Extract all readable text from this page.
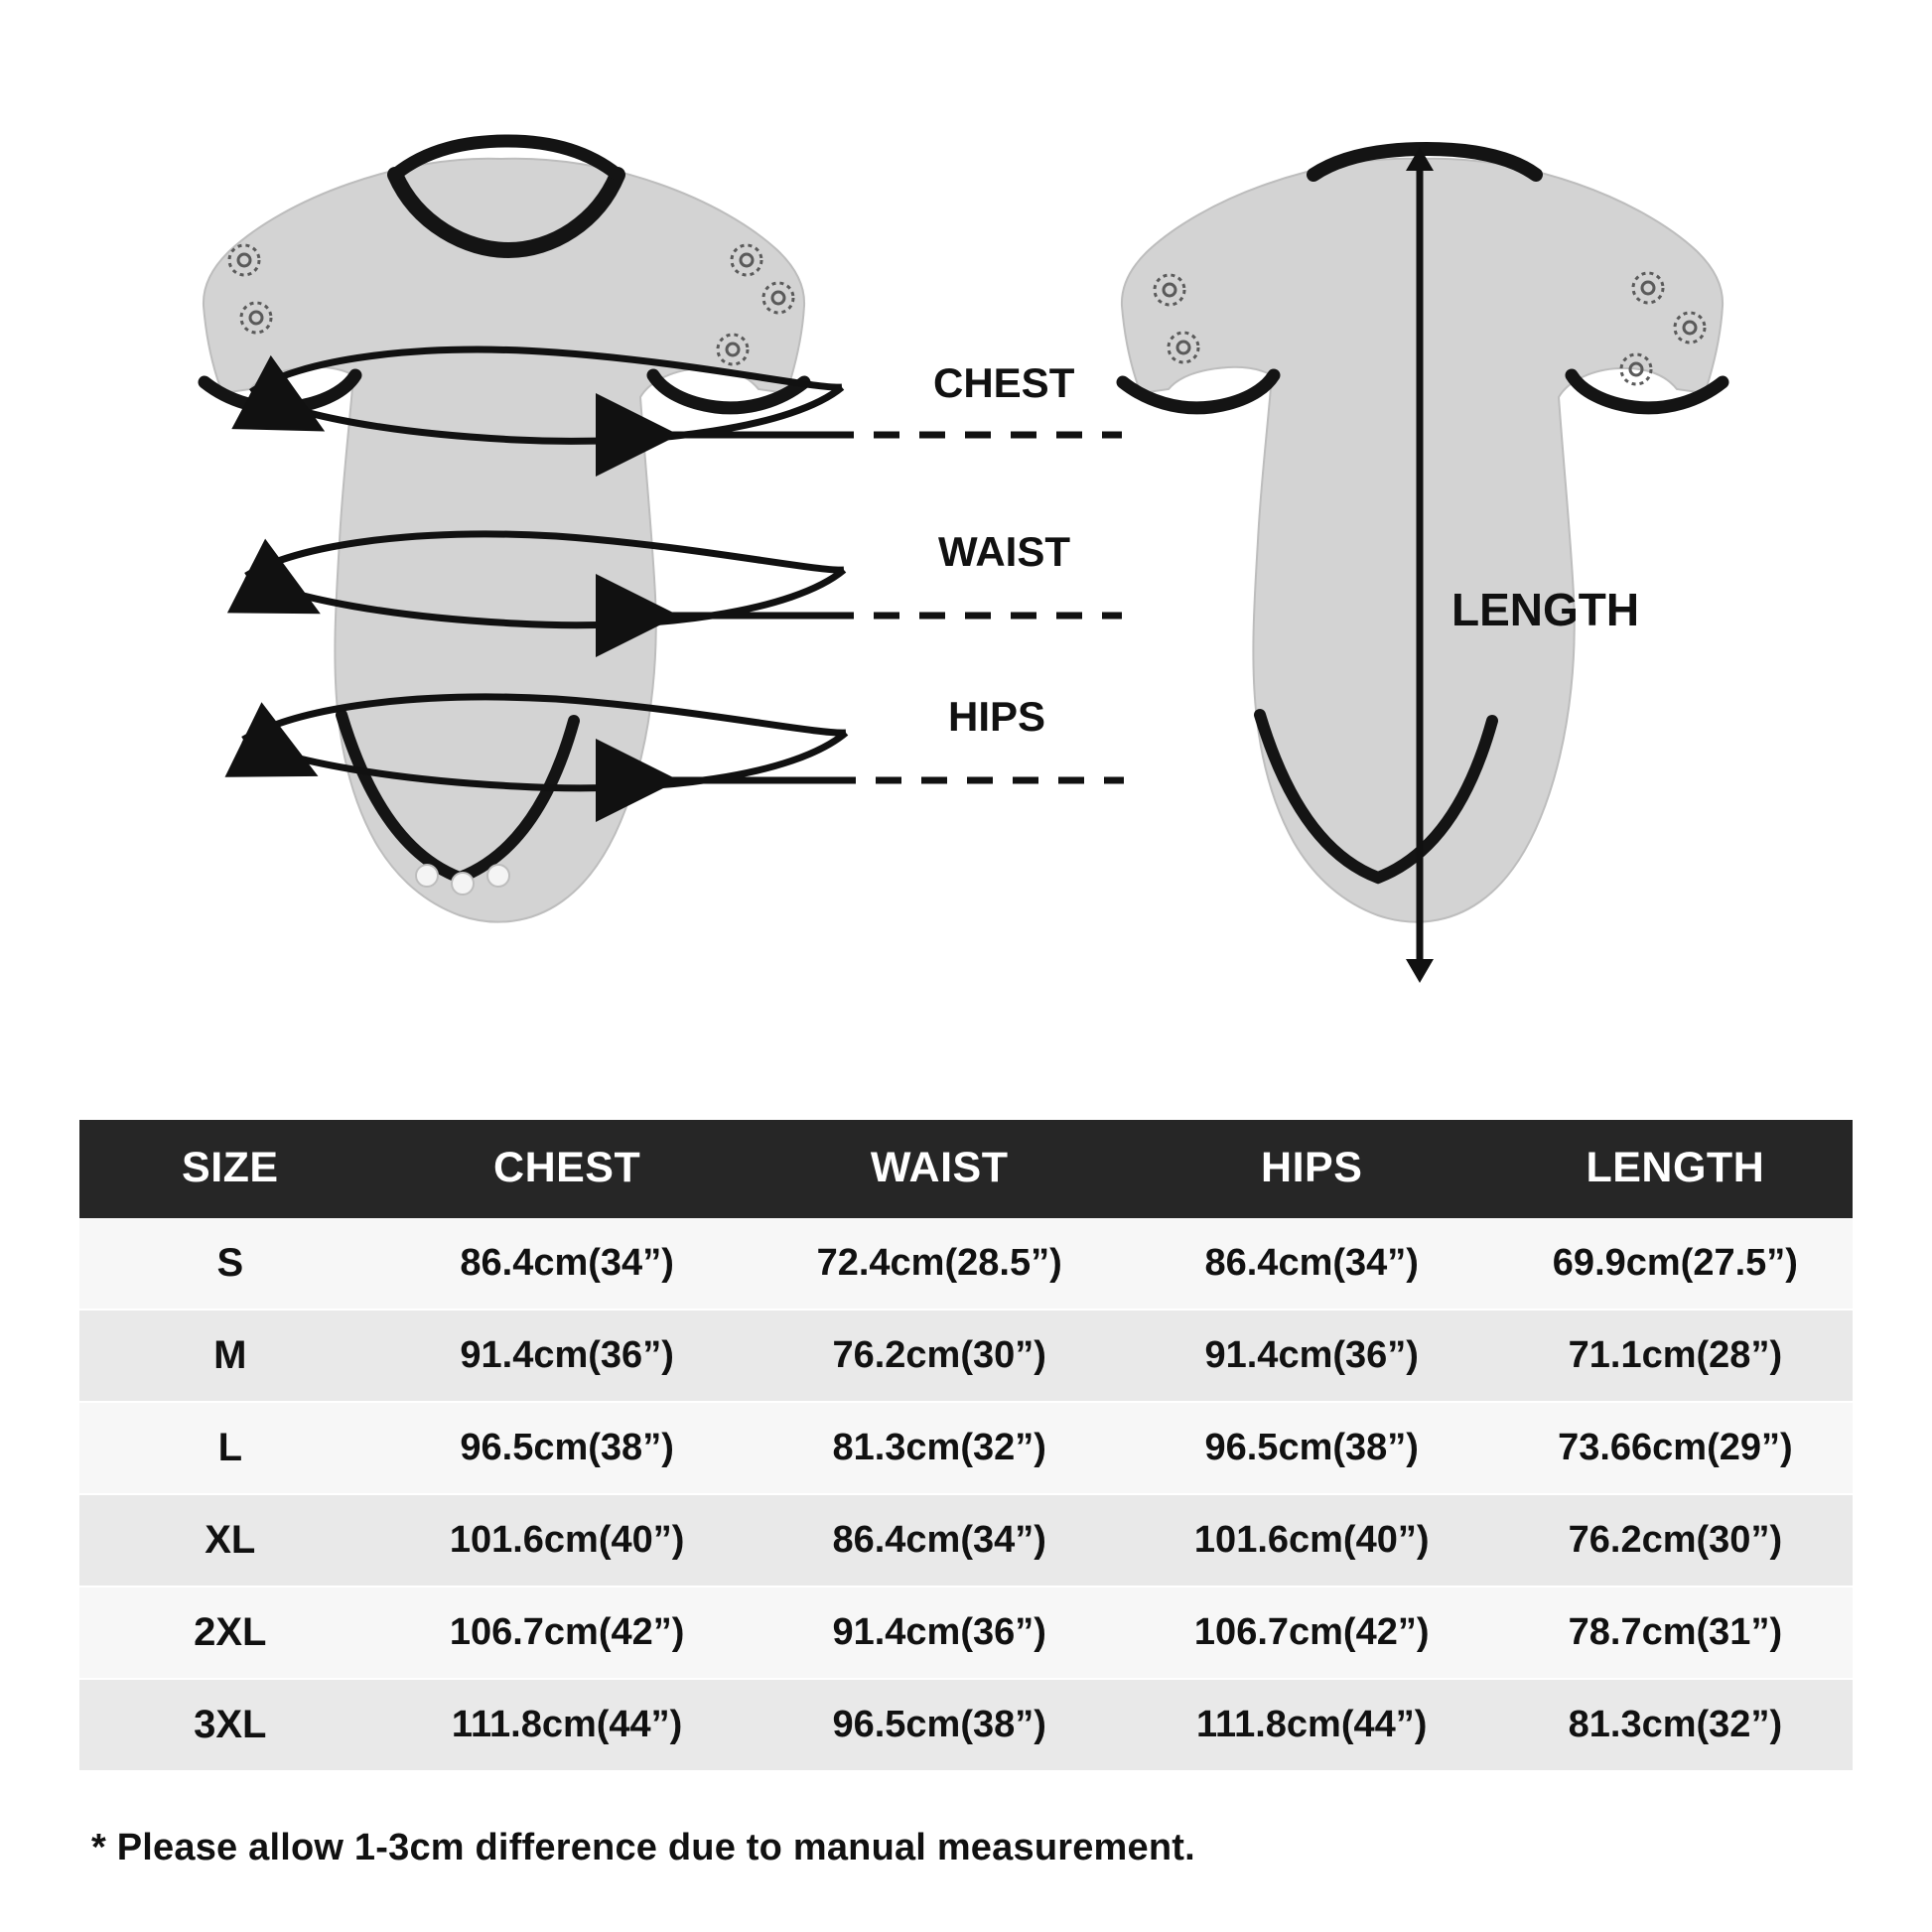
CHEST
WAIST
HIPS
LENGTH
SIZE	CHEST	WAIST	HIPS	LENGTH
S	86.4cm(34”)	72.4cm(28.5”)	86.4cm(34”)	69.9cm(27.5”)
M	91.4cm(36”)	76.2cm(30”)	91.4cm(36”)	71.1cm(28”)
L	96.5cm(38”)	81.3cm(32”)	96.5cm(38”)	73.66cm(29”)
XL	101.6cm(40”)	86.4cm(34”)	101.6cm(40”)	76.2cm(30”)
2XL	106.7cm(42”)	91.4cm(36”)	106.7cm(42”)	78.7cm(31”)
3XL	111.8cm(44”)	96.5cm(38”)	111.8cm(44”)	81.3cm(32”)
* Please allow 1-3cm difference due to manual measurement.
